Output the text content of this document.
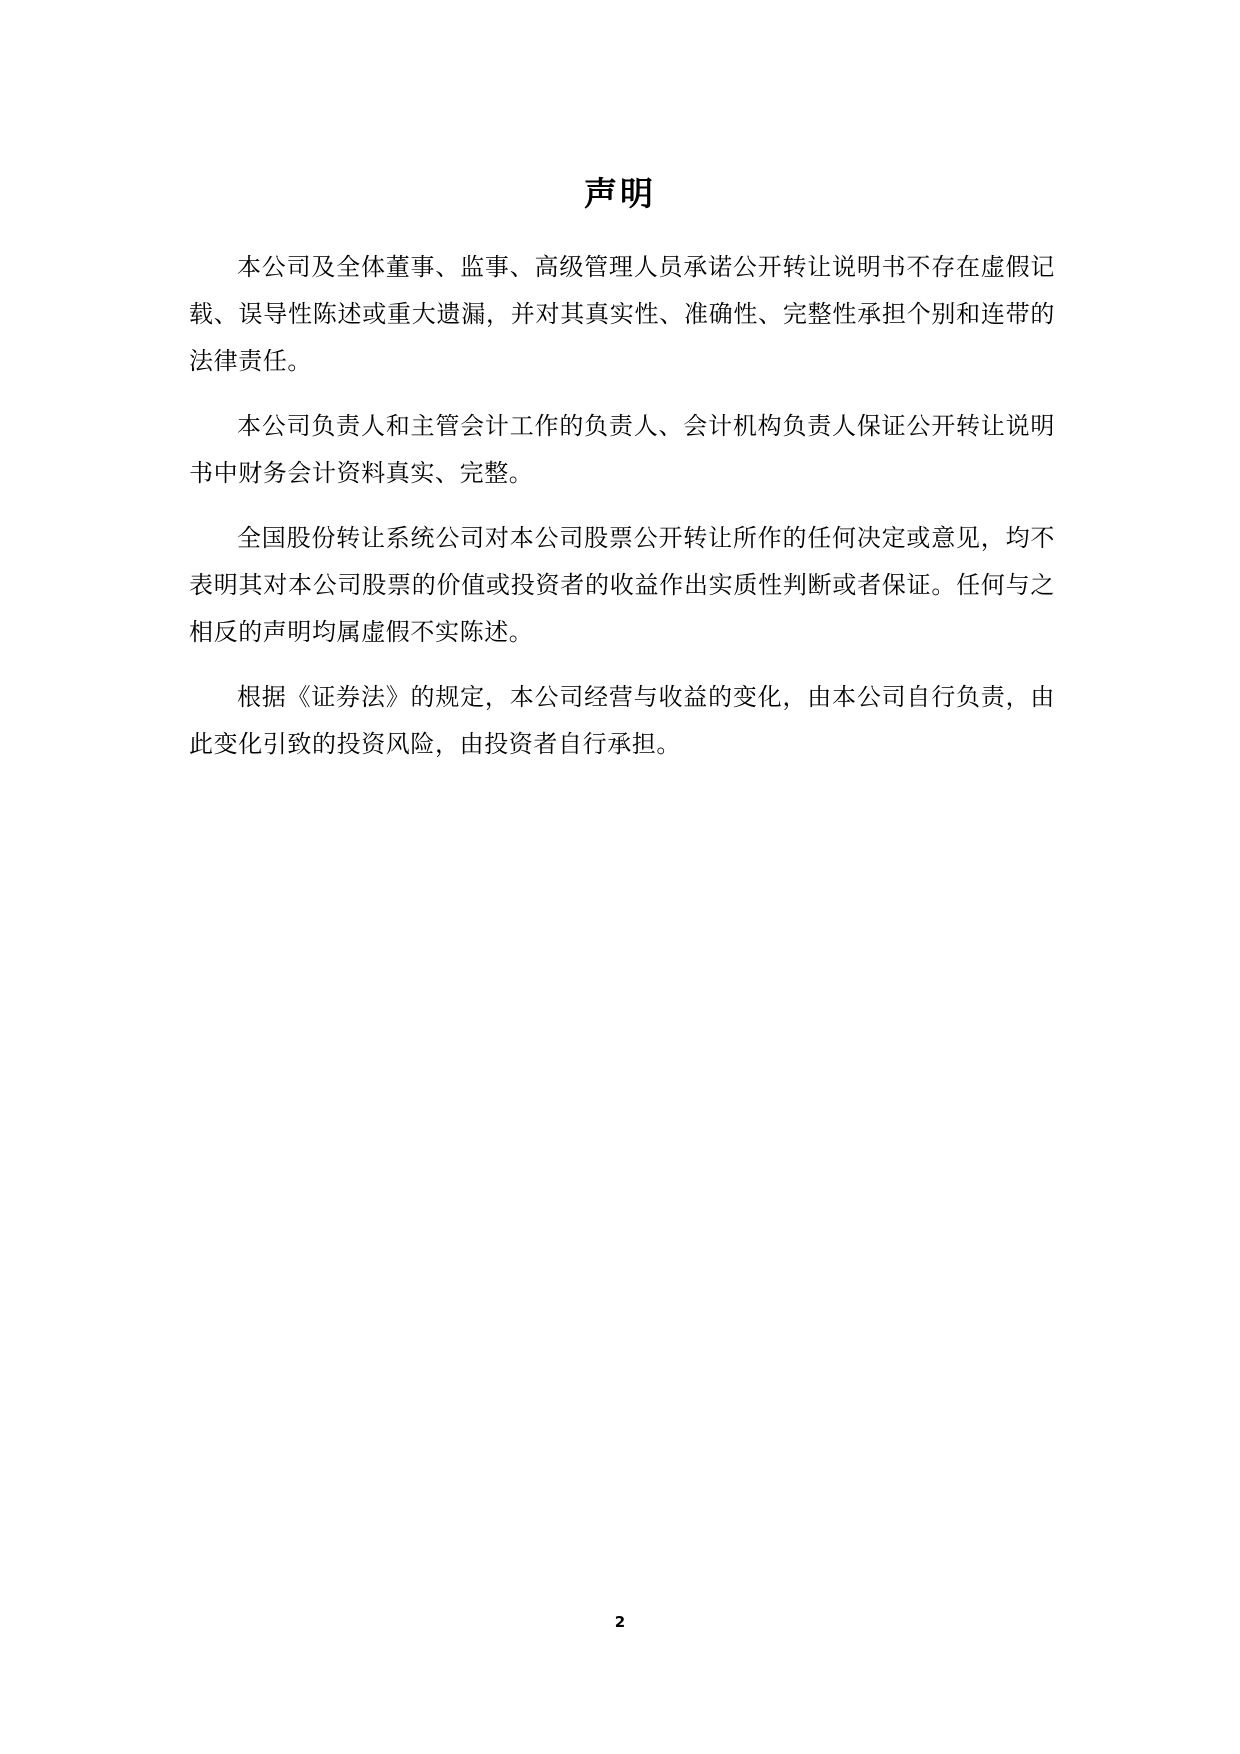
声明

本公司及全体董事、监事、高级管理人员承诺公开转让说明书不存在虚假记载、误导性陈述或重大遗漏，并对其真实性、准确性、完整性承担个别和连带的法律责任。

本公司负责人和主管会计工作的负责人、会计机构负责人保证公开转让说明书中财务会计资料真实、完整。

全国股份转让系统公司对本公司股票公开转让所作的任何决定或意见，均不表明其对本公司股票的价值或投资者的收益作出实质性判断或者保证。任何与之相反的声明均属虚假不实陈述。

根据《证券法》的规定，本公司经营与收益的变化，由本公司自行负责，由此变化引致的投资风险，由投资者自行承担。

2
